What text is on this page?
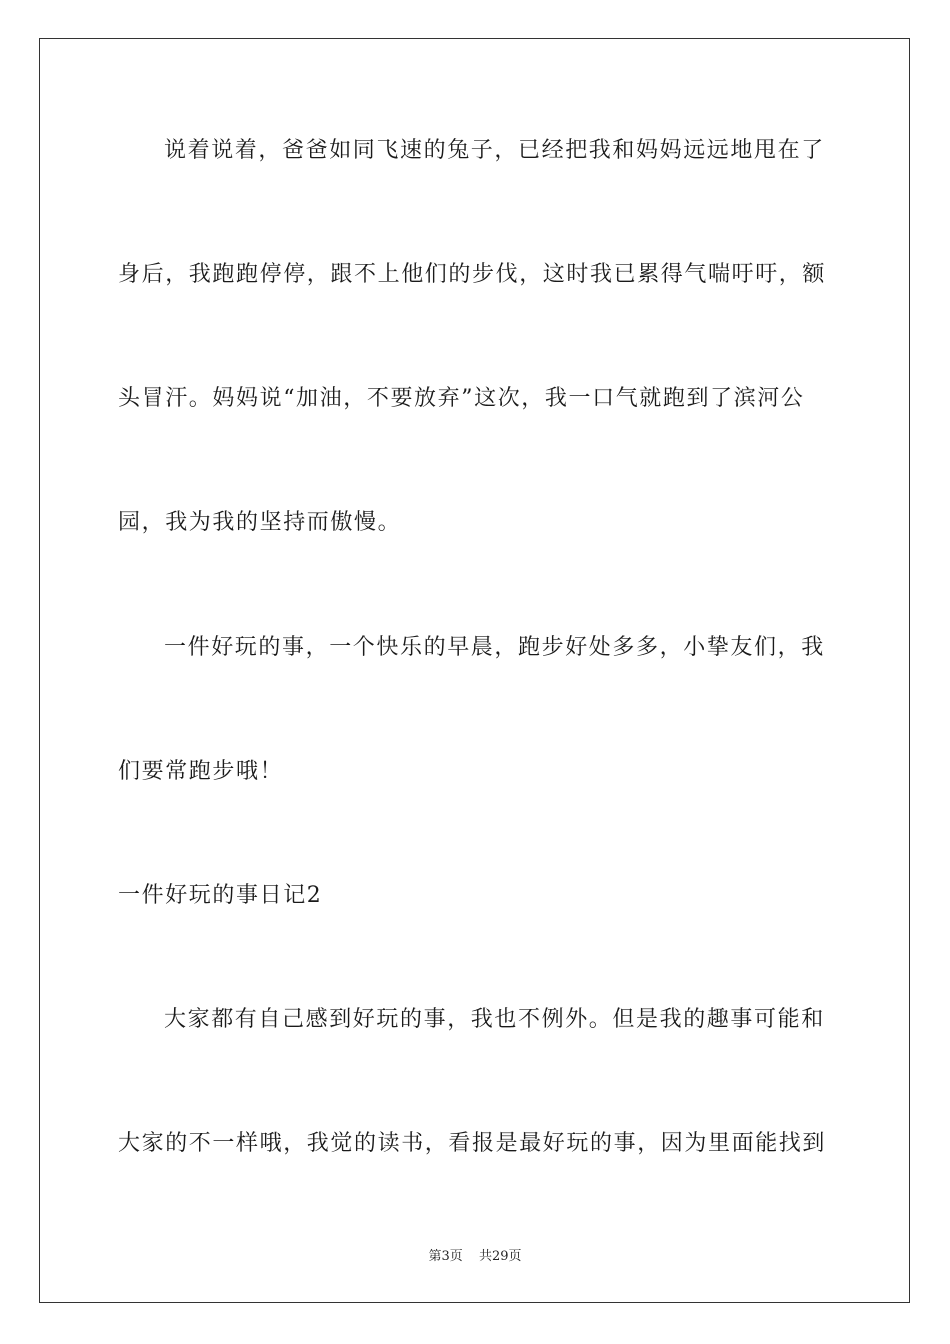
说着说着，爸爸如同飞速的兔子，已经把我和妈妈远远地甩在了
身后，我跑跑停停，跟不上他们的步伐，这时我已累得气喘吁吁，额
头冒汗。妈妈说“加油，不要放弃”这次，我一口气就跑到了滨河公
园，我为我的坚持而傲慢。
一件好玩的事，一个快乐的早晨，跑步好处多多，小挚友们，我
们要常跑步哦！
一件好玩的事日记2
大家都有自己感到好玩的事，我也不例外。但是我的趣事可能和
大家的不一样哦，我觉的读书，看报是最好玩的事，因为里面能找到
第3页 共29页
